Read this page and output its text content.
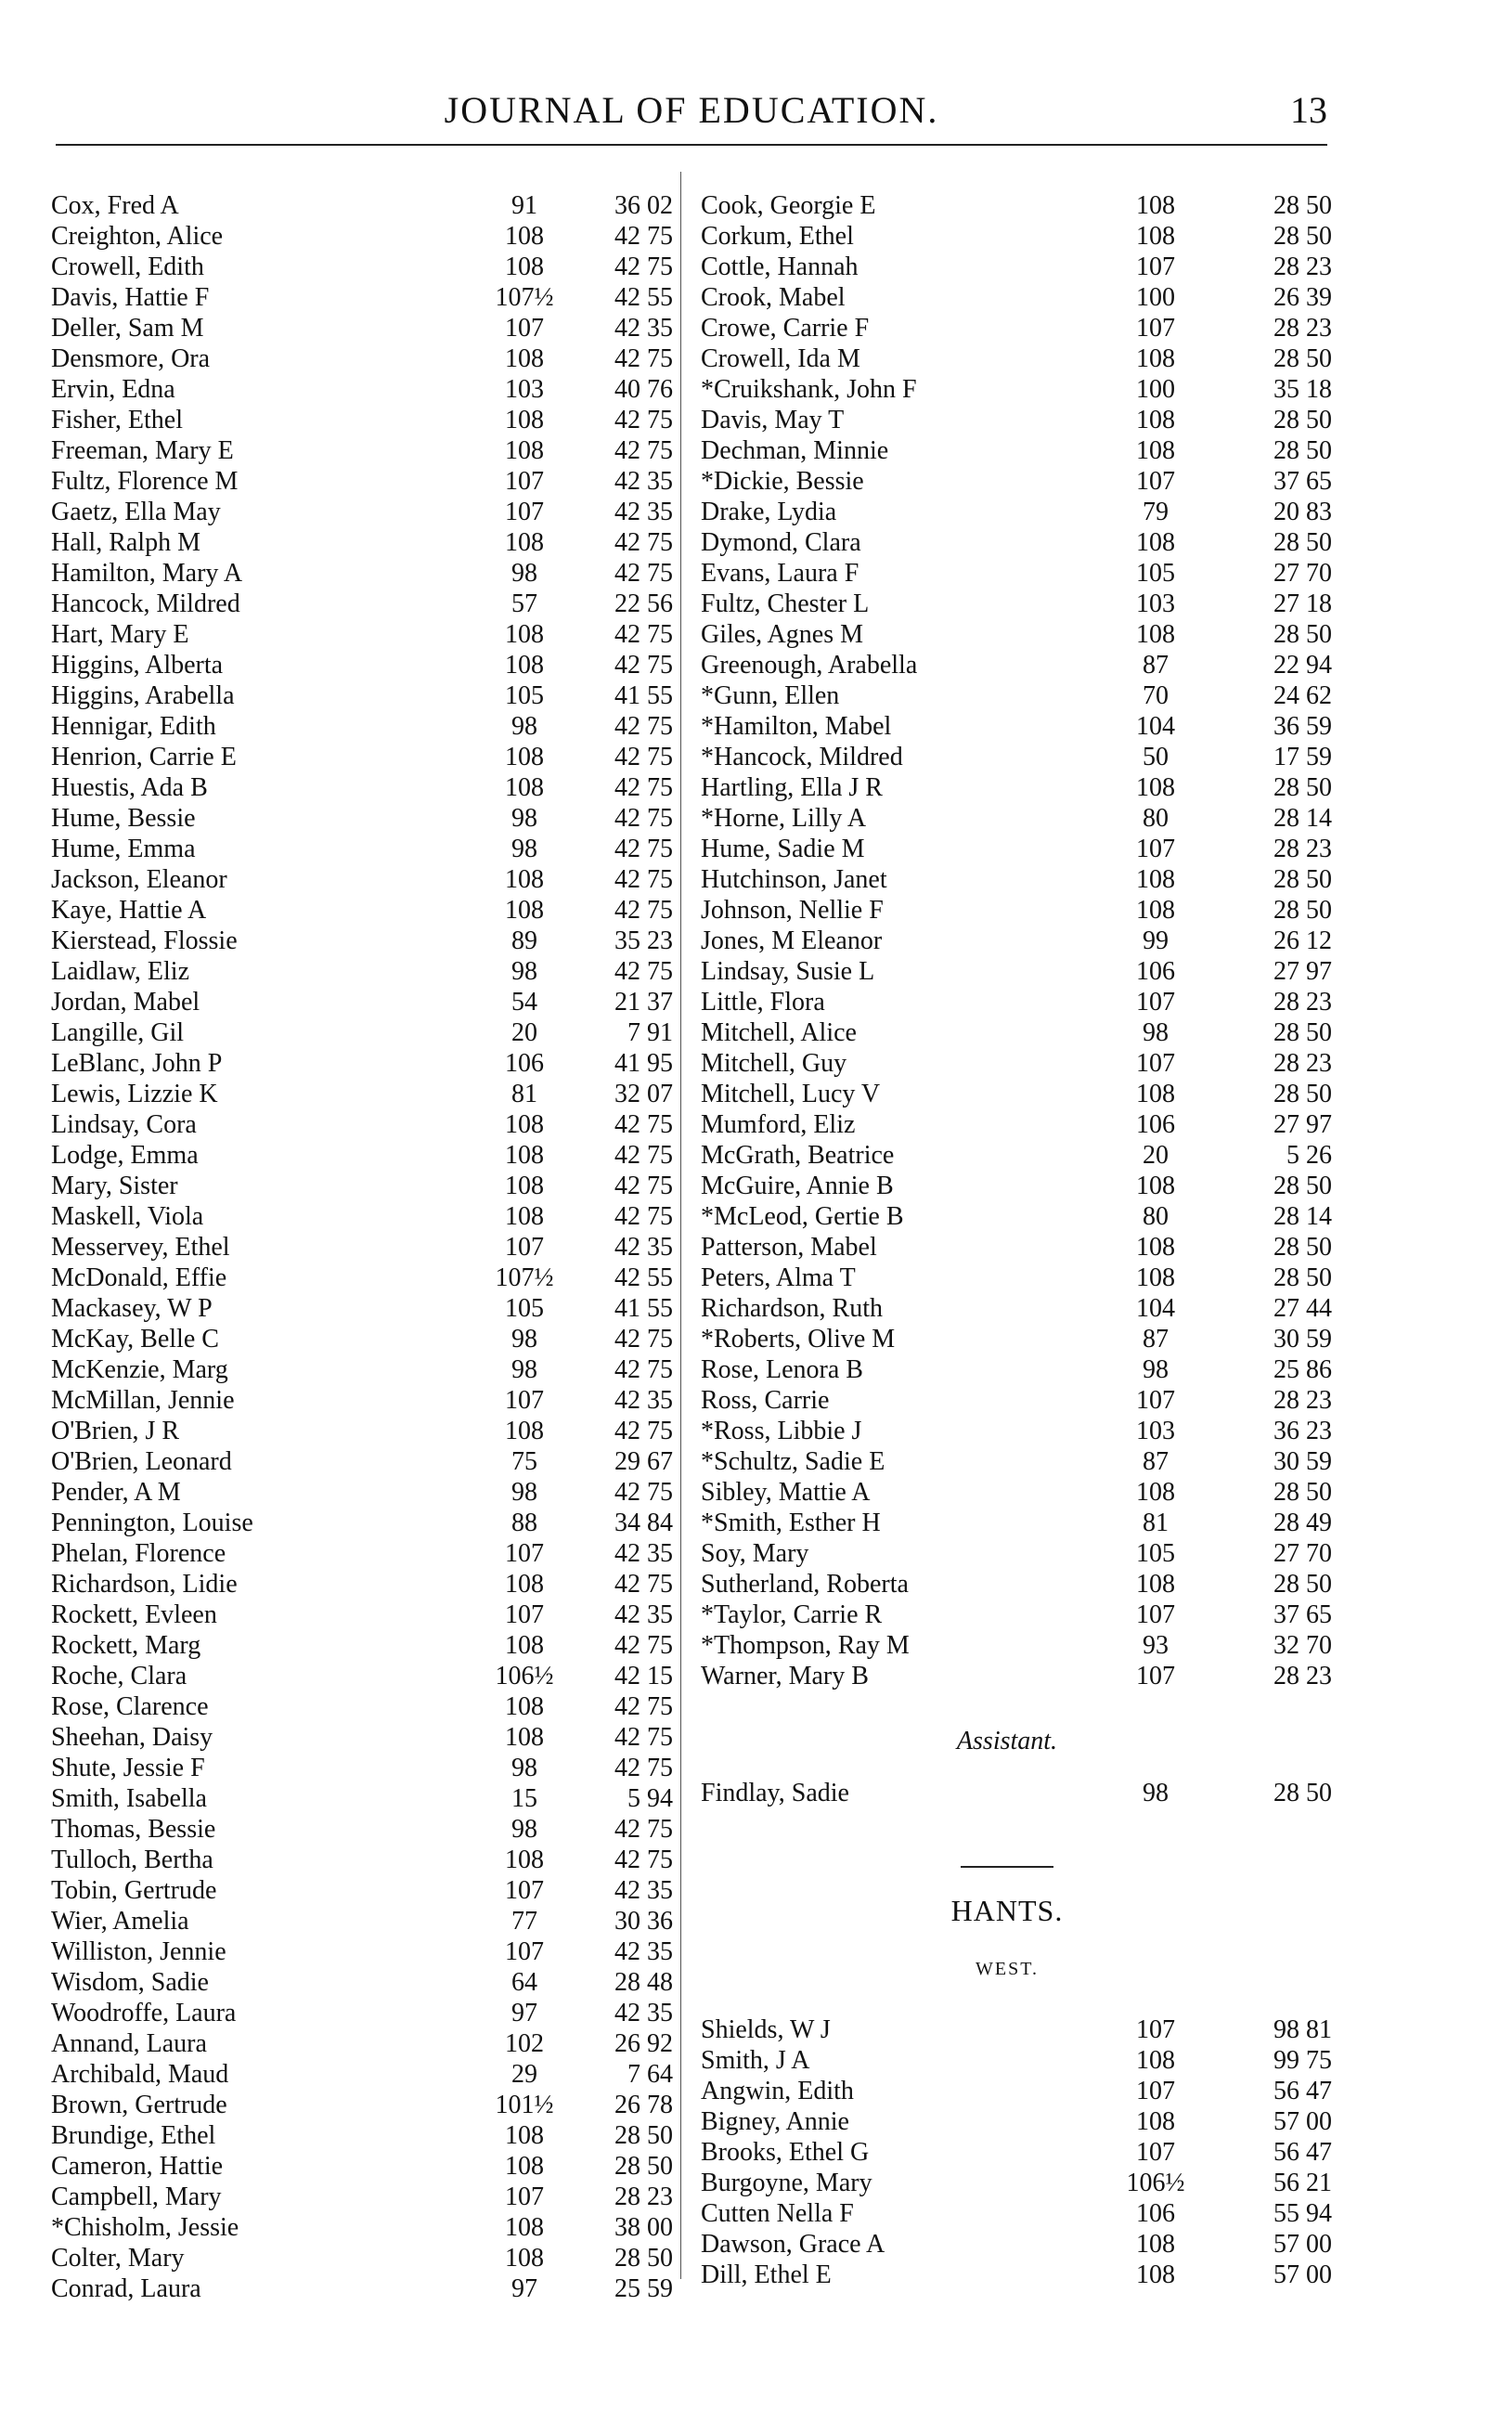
JOURNAL OF EDUCATION.	13
Cox, Fred A	91	36 02
Creighton, Alice	108	42 75
Crowell, Edith	108	42 75
Davis, Hattie F	107½	42 55
Deller, Sam M	107	42 35
Densmore, Ora	108	42 75
Ervin, Edna	103	40 76
Fisher, Ethel	108	42 75
Freeman, Mary E	108	42 75
Fultz, Florence M	107	42 35
Gaetz, Ella May	107	42 35
Hall, Ralph M	108	42 75
Hamilton, Mary A	98	42 75
Hancock, Mildred	57	22 56
Hart, Mary E	108	42 75
Higgins, Alberta	108	42 75
Higgins, Arabella	105	41 55
Hennigar, Edith	98	42 75
Henrion, Carrie E	108	42 75
Huestis, Ada B	108	42 75
Hume, Bessie	98	42 75
Hume, Emma	98	42 75
Jackson, Eleanor	108	42 75
Kaye, Hattie A	108	42 75
Kierstead, Flossie	89	35 23
Laidlaw, Eliz	98	42 75
Jordan, Mabel	54	21 37
Langille, Gil	20	7 91
LeBlanc, John P	106	41 95
Lewis, Lizzie K	81	32 07
Lindsay, Cora	108	42 75
Lodge, Emma	108	42 75
Mary, Sister	108	42 75
Maskell, Viola	108	42 75
Messervey, Ethel	107	42 35
McDonald, Effie	107½	42 55
Mackasey, W P	105	41 55
McKay, Belle C	98	42 75
McKenzie, Marg	98	42 75
McMillan, Jennie	107	42 35
O'Brien, J R	108	42 75
O'Brien, Leonard	75	29 67
Pender, A M	98	42 75
Pennington, Louise	88	34 84
Phelan, Florence	107	42 35
Richardson, Lidie	108	42 75
Rockett, Evleen	107	42 35
Rockett, Marg	108	42 75
Roche, Clara	106½	42 15
Rose, Clarence	108	42 75
Sheehan, Daisy	108	42 75
Shute, Jessie F	98	42 75
Smith, Isabella	15	5 94
Thomas, Bessie	98	42 75
Tulloch, Bertha	108	42 75
Tobin, Gertrude	107	42 35
Wier, Amelia	77	30 36
Williston, Jennie	107	42 35
Wisdom, Sadie	64	28 48
Woodroffe, Laura	97	42 35
Annand, Laura	102	26 92
Archibald, Maud	29	7 64
Brown, Gertrude	101½	26 78
Brundige, Ethel	108	28 50
Cameron, Hattie	108	28 50
Campbell, Mary	107	28 23
*Chisholm, Jessie	108	38 00
Colter, Mary	108	28 50
Conrad, Laura	97	25 59
Cook, Georgie E	108	28 50
Corkum, Ethel	108	28 50
Cottle, Hannah	107	28 23
Crook, Mabel	100	26 39
Crowe, Carrie F	107	28 23
Crowell, Ida M	108	28 50
*Cruikshank, John F	100	35 18
Davis, May T	108	28 50
Dechman, Minnie	108	28 50
*Dickie, Bessie	107	37 65
Drake, Lydia	79	20 83
Dymond, Clara	108	28 50
Evans, Laura F	105	27 70
Fultz, Chester L	103	27 18
Giles, Agnes M	108	28 50
Greenough, Arabella	87	22 94
*Gunn, Ellen	70	24 62
*Hamilton, Mabel	104	36 59
*Hancock, Mildred	50	17 59
Hartling, Ella J R	108	28 50
*Horne, Lilly A	80	28 14
Hume, Sadie M	107	28 23
Hutchinson, Janet	108	28 50
Johnson, Nellie F	108	28 50
Jones, M Eleanor	99	26 12
Lindsay, Susie L	106	27 97
Little, Flora	107	28 23
Mitchell, Alice	98	28 50
Mitchell, Guy	107	28 23
Mitchell, Lucy V	108	28 50
Mumford, Eliz	106	27 97
McGrath, Beatrice	20	5 26
McGuire, Annie B	108	28 50
*McLeod, Gertie B	80	28 14
Patterson, Mabel	108	28 50
Peters, Alma T	108	28 50
Richardson, Ruth	104	27 44
*Roberts, Olive M	87	30 59
Rose, Lenora B	98	25 86
Ross, Carrie	107	28 23
*Ross, Libbie J	103	36 23
*Schultz, Sadie E	87	30 59
Sibley, Mattie A	108	28 50
*Smith, Esther H	81	28 49
Soy, Mary	105	27 70
Sutherland, Roberta	108	28 50
*Taylor, Carrie R	107	37 65
*Thompson, Ray M	93	32 70
Warner, Mary B	107	28 23
Assistant.
Findlay, Sadie	98	28 50
HANTS.
WEST.
Shields, W J	107	98 81
Smith, J A	108	99 75
Angwin, Edith	107	56 47
Bigney, Annie	108	57 00
Brooks, Ethel G	107	56 47
Burgoyne, Mary	106½	56 21
Cutten Nella F	106	55 94
Dawson, Grace A	108	57 00
Dill, Ethel E	108	57 00
